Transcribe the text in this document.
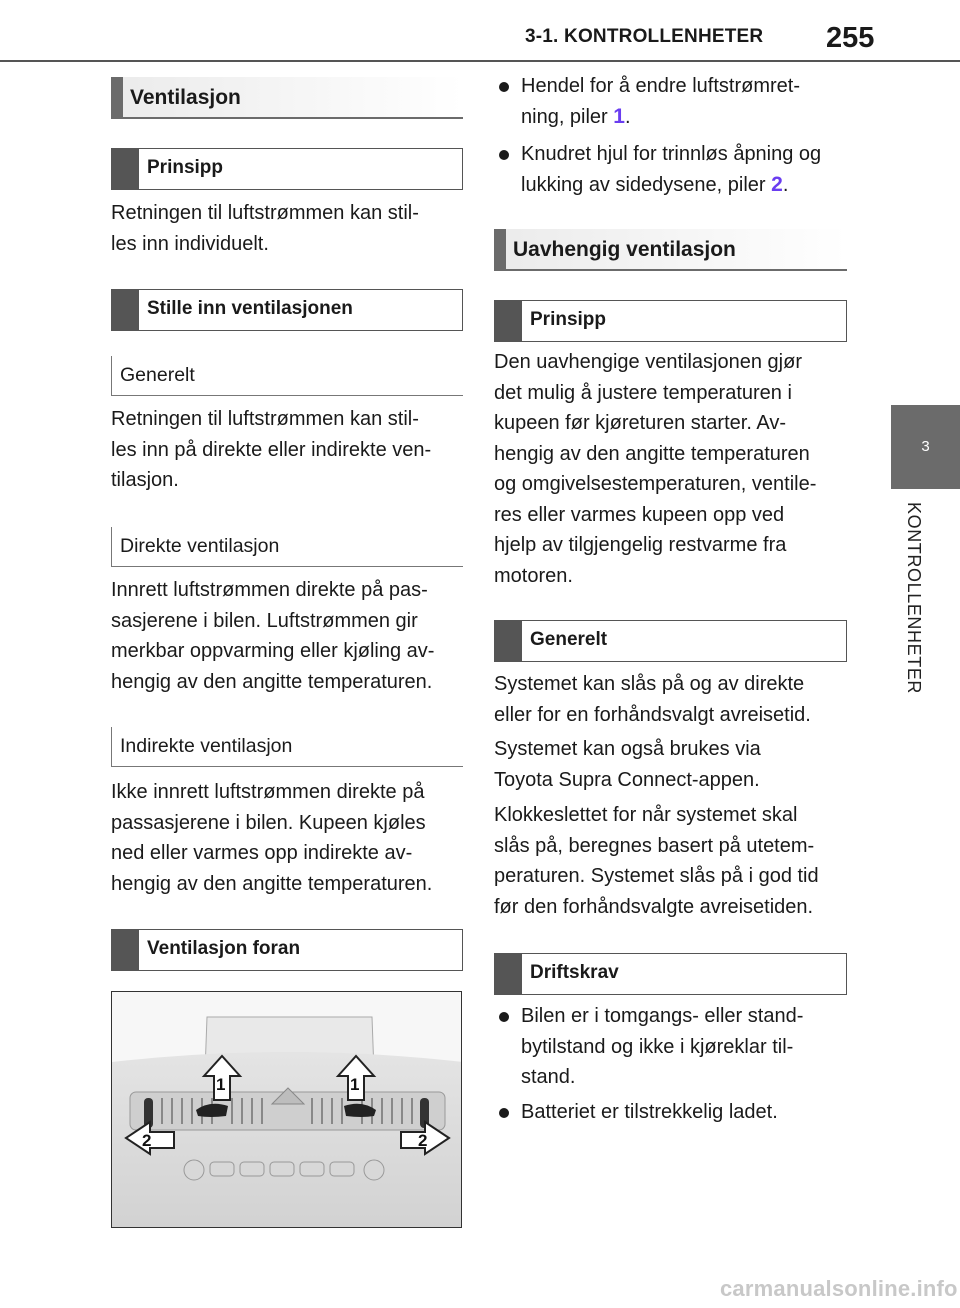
3-1. KONTROLLENHETER 255
3
KONTROLLENHETER
Ventilasjon
Prinsipp
Retningen til luftstrømmen kan stil-
les inn individuelt.
Stille inn ventilasjonen
Generelt
Retningen til luftstrømmen kan stil-
les inn på direkte eller indirekte ven-
tilasjon.
Direkte ventilasjon
Innrett luftstrømmen direkte på pas-
sasjerene i bilen. Luftstrømmen gir
merkbar oppvarming eller kjøling av-
hengig av den angitte temperaturen.
Indirekte ventilasjon
Ikke innrett luftstrømmen direkte på
passasjerene i bilen. Kupeen kjøles
ned eller varmes opp indirekte av-
hengig av den angitte temperaturen.
Ventilasjon foran
1	1
2	2
Hendel for å endre luftstrømret-
ning, piler 1.
Knudret hjul for trinnløs åpning og
lukking av sidedysene, piler 2.
Uavhengig ventilasjon
Prinsipp
Den uavhengige ventilasjonen gjør
det mulig å justere temperaturen i
kupeen før kjøreturen starter. Av-
hengig av den angitte temperaturen
og omgivelsestemperaturen, ventile-
res eller varmes kupeen opp ved
hjelp av tilgjengelig restvarme fra
motoren.
Generelt
Systemet kan slås på og av direkte
eller for en forhåndsvalgt avreisetid.
Systemet kan også brukes via
Toyota Supra Connect-appen.
Klokkeslettet for når systemet skal
slås på, beregnes basert på utetem-
peraturen. Systemet slås på i god tid
før den forhåndsvalgte avreisetiden.
Driftskrav
Bilen er i tomgangs- eller stand-
bytilstand og ikke i kjøreklar til-
stand.
Batteriet er tilstrekkelig ladet.
carmanualsonline.info
